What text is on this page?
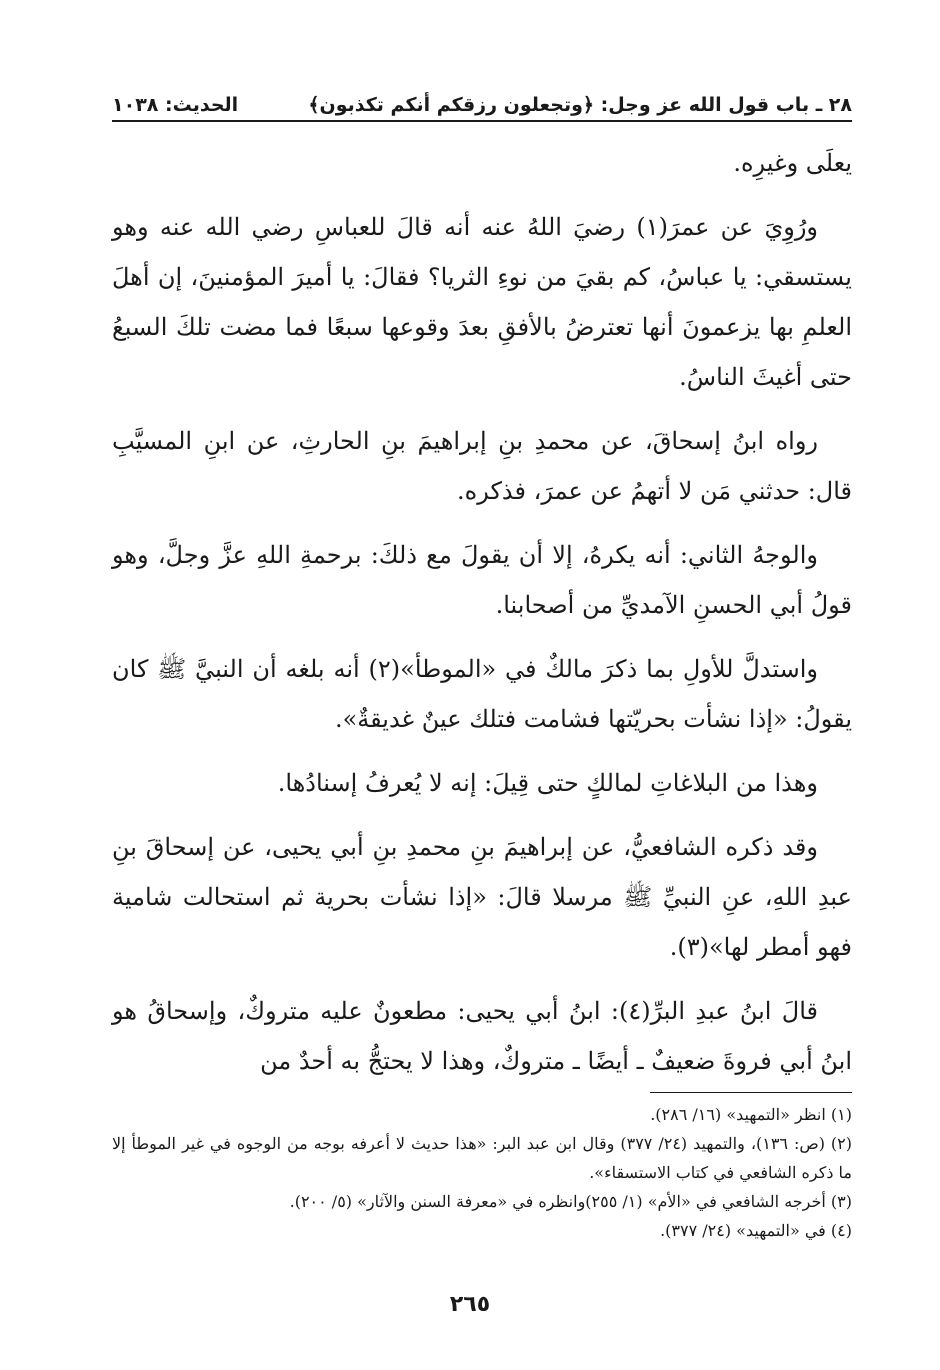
٢٨ ـ باب قول الله عز وجل: ﴿وتجعلون رزقكم أنكم تكذبون﴾
الحديث: ١٠٣٨

يعلَى وغيرِه.

ورُوِيَ عن عمرَ(١) رضيَ اللهُ عنه أنه قالَ للعباسِ رضي الله عنه وهو يستسقي: يا عباسُ، كم بقيَ من نوءِ الثريا؟ فقالَ: يا أميرَ المؤمنينَ، إن أهلَ العلمِ بها يزعمونَ أنها تعترضُ بالأفقِ بعدَ وقوعها سبعًا فما مضت تلكَ السبعُ حتى أغيثَ الناسُ.

رواه ابنُ إسحاقَ، عن محمدِ بنِ إبراهيمَ بنِ الحارثِ، عن ابنِ المسيَّبِ قال: حدثني مَن لا أتهمُ عن عمرَ، فذكره.

والوجهُ الثاني: أنه يكرهُ، إلا أن يقولَ مع ذلكَ: برحمةِ اللهِ عزَّ وجلَّ، وهو قولُ أبي الحسنِ الآمديِّ من أصحابنا.

واستدلَّ للأولِ بما ذكرَ مالكٌ في «الموطأ»(٢) أنه بلغه أن النبيَّ ﷺ كان يقولُ: «إذا نشأت بحريّتها فشامت فتلك عينٌ غديقةٌ».

وهذا من البلاغاتِ لمالكٍ حتى قِيلَ: إنه لا يُعرفُ إسنادُها.

وقد ذكره الشافعيُّ، عن إبراهيمَ بنِ محمدِ بنِ أبي يحيى، عن إسحاقَ بنِ عبدِ اللهِ، عنِ النبيِّ ﷺ مرسلا قالَ: «إذا نشأت بحرية ثم استحالت شامية فهو أمطر لها»(٣).

قالَ ابنُ عبدِ البرِّ(٤): ابنُ أبي يحيى: مطعونٌ عليه متروكٌ، وإسحاقُ هو ابنُ أبي فروةَ ضعيفٌ ـ أيضًا ـ متروكٌ، وهذا لا يحتجُّ به أحدٌ من

(١) انظر «التمهيد» (١٦/ ٢٨٦).
(٢) (ص: ١٣٦)، والتمهيد (٢٤/ ٣٧٧) وقال ابن عبد البر: «هذا حديث لا أعرفه بوجه من الوجوه في غير الموطأ إلا ما ذكره الشافعي في كتاب الاستسقاء».
(٣) أخرجه الشافعي في «الأم» (١/ ٢٥٥)وانظره في «معرفة السنن والآثار» (٥/ ٢٠٠).
(٤) في «التمهيد» (٢٤/ ٣٧٧).
٢٦٥
